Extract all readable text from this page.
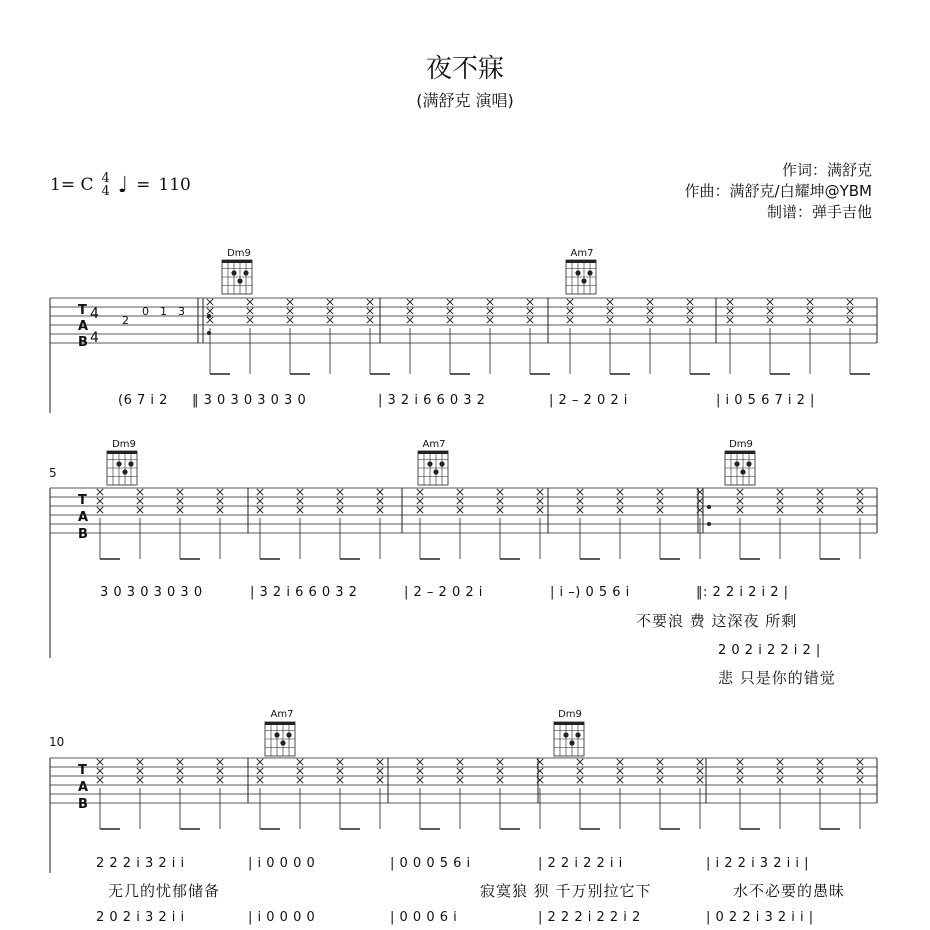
夜不寐
(满舒克 演唱)
作词：满舒克
作曲：满舒克/白耀坤@YBM
制谱：弹手吉他
1= C 4
4 ♩ = 110
T
A
B
4
4
2
0 1 3
Dm9	Am7
(6 7 i 2 ‖ 3 0 3 0 3 0 3 0	| 3 2 i 6 6 0 3 2	| 2 – 2 0 2 i	| i 0 5 6 7 i 2 |
5
T
A
B
Dm9	Am7	Dm9
3 0 3 0 3 0 3 0	| 3 2 i 6 6 0 3 2	| 2 – 2 0 2 i	| i –) 0 5 6 i	‖: 2 2 i 2 i 2 |
不要浪 费 这深夜 所剩
2 0 2 i 2 2 i 2 |
悲 只是你的错觉
10
T
A
B
Am7	Dm9
2 2 2 i 3 2 i i	| i 0 0 0 0	| 0 0 0 5 6 i	| 2 2 i 2 2 i i	| i 2 2 i 3 2 i i |
无几的忧郁储备	寂寞狼 狈 千万别拉它下	水不必要的愚昧
2 0 2 i 3 2 i i	| i 0 0 0 0	| 0 0 0 6 i	| 2 2 2 i 2 2 i 2	| 0 2 2 i 3 2 i i |
